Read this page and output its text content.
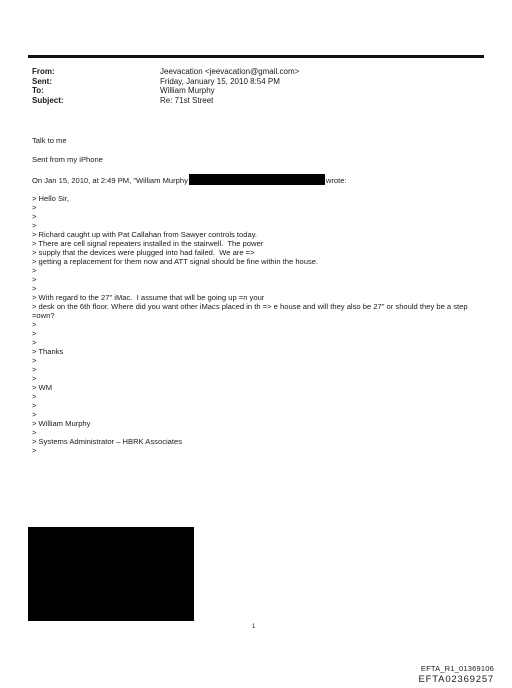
From:	Jeevacation <jeevacation@gmail.com>
Sent:	Friday, January 15, 2010 8:54 PM
To:	William Murphy
Subject:	Re: 71st Street
Talk to me
Sent from my iPhone
On Jan 15, 2010, at 2:49 PM, "William Murphy	wrote:
> Hello Sir,
>
>
>
> Richard caught up with Pat Callahan from Sawyer controls today.
> There are cell signal repeaters installed in the stairwell.  The power
> supply that the devices were plugged into had failed.  We are =>
> getting a replacement for them now and ATT signal should be fine within the house.
>
>
>
> With regard to the 27" iMac.  I assume that will be going up =n your
> desk on the 6th floor. Where did you want other iMacs placed in th => e house and will they also be 27" or should they be a step =own?
>
>
>
> Thanks
>
>
>
> WM
>
>
>
> William Murphy
>
> Systems Administrator – HBRK Associates
>
1
EFTA_R1_01369106
EFTA02369257
